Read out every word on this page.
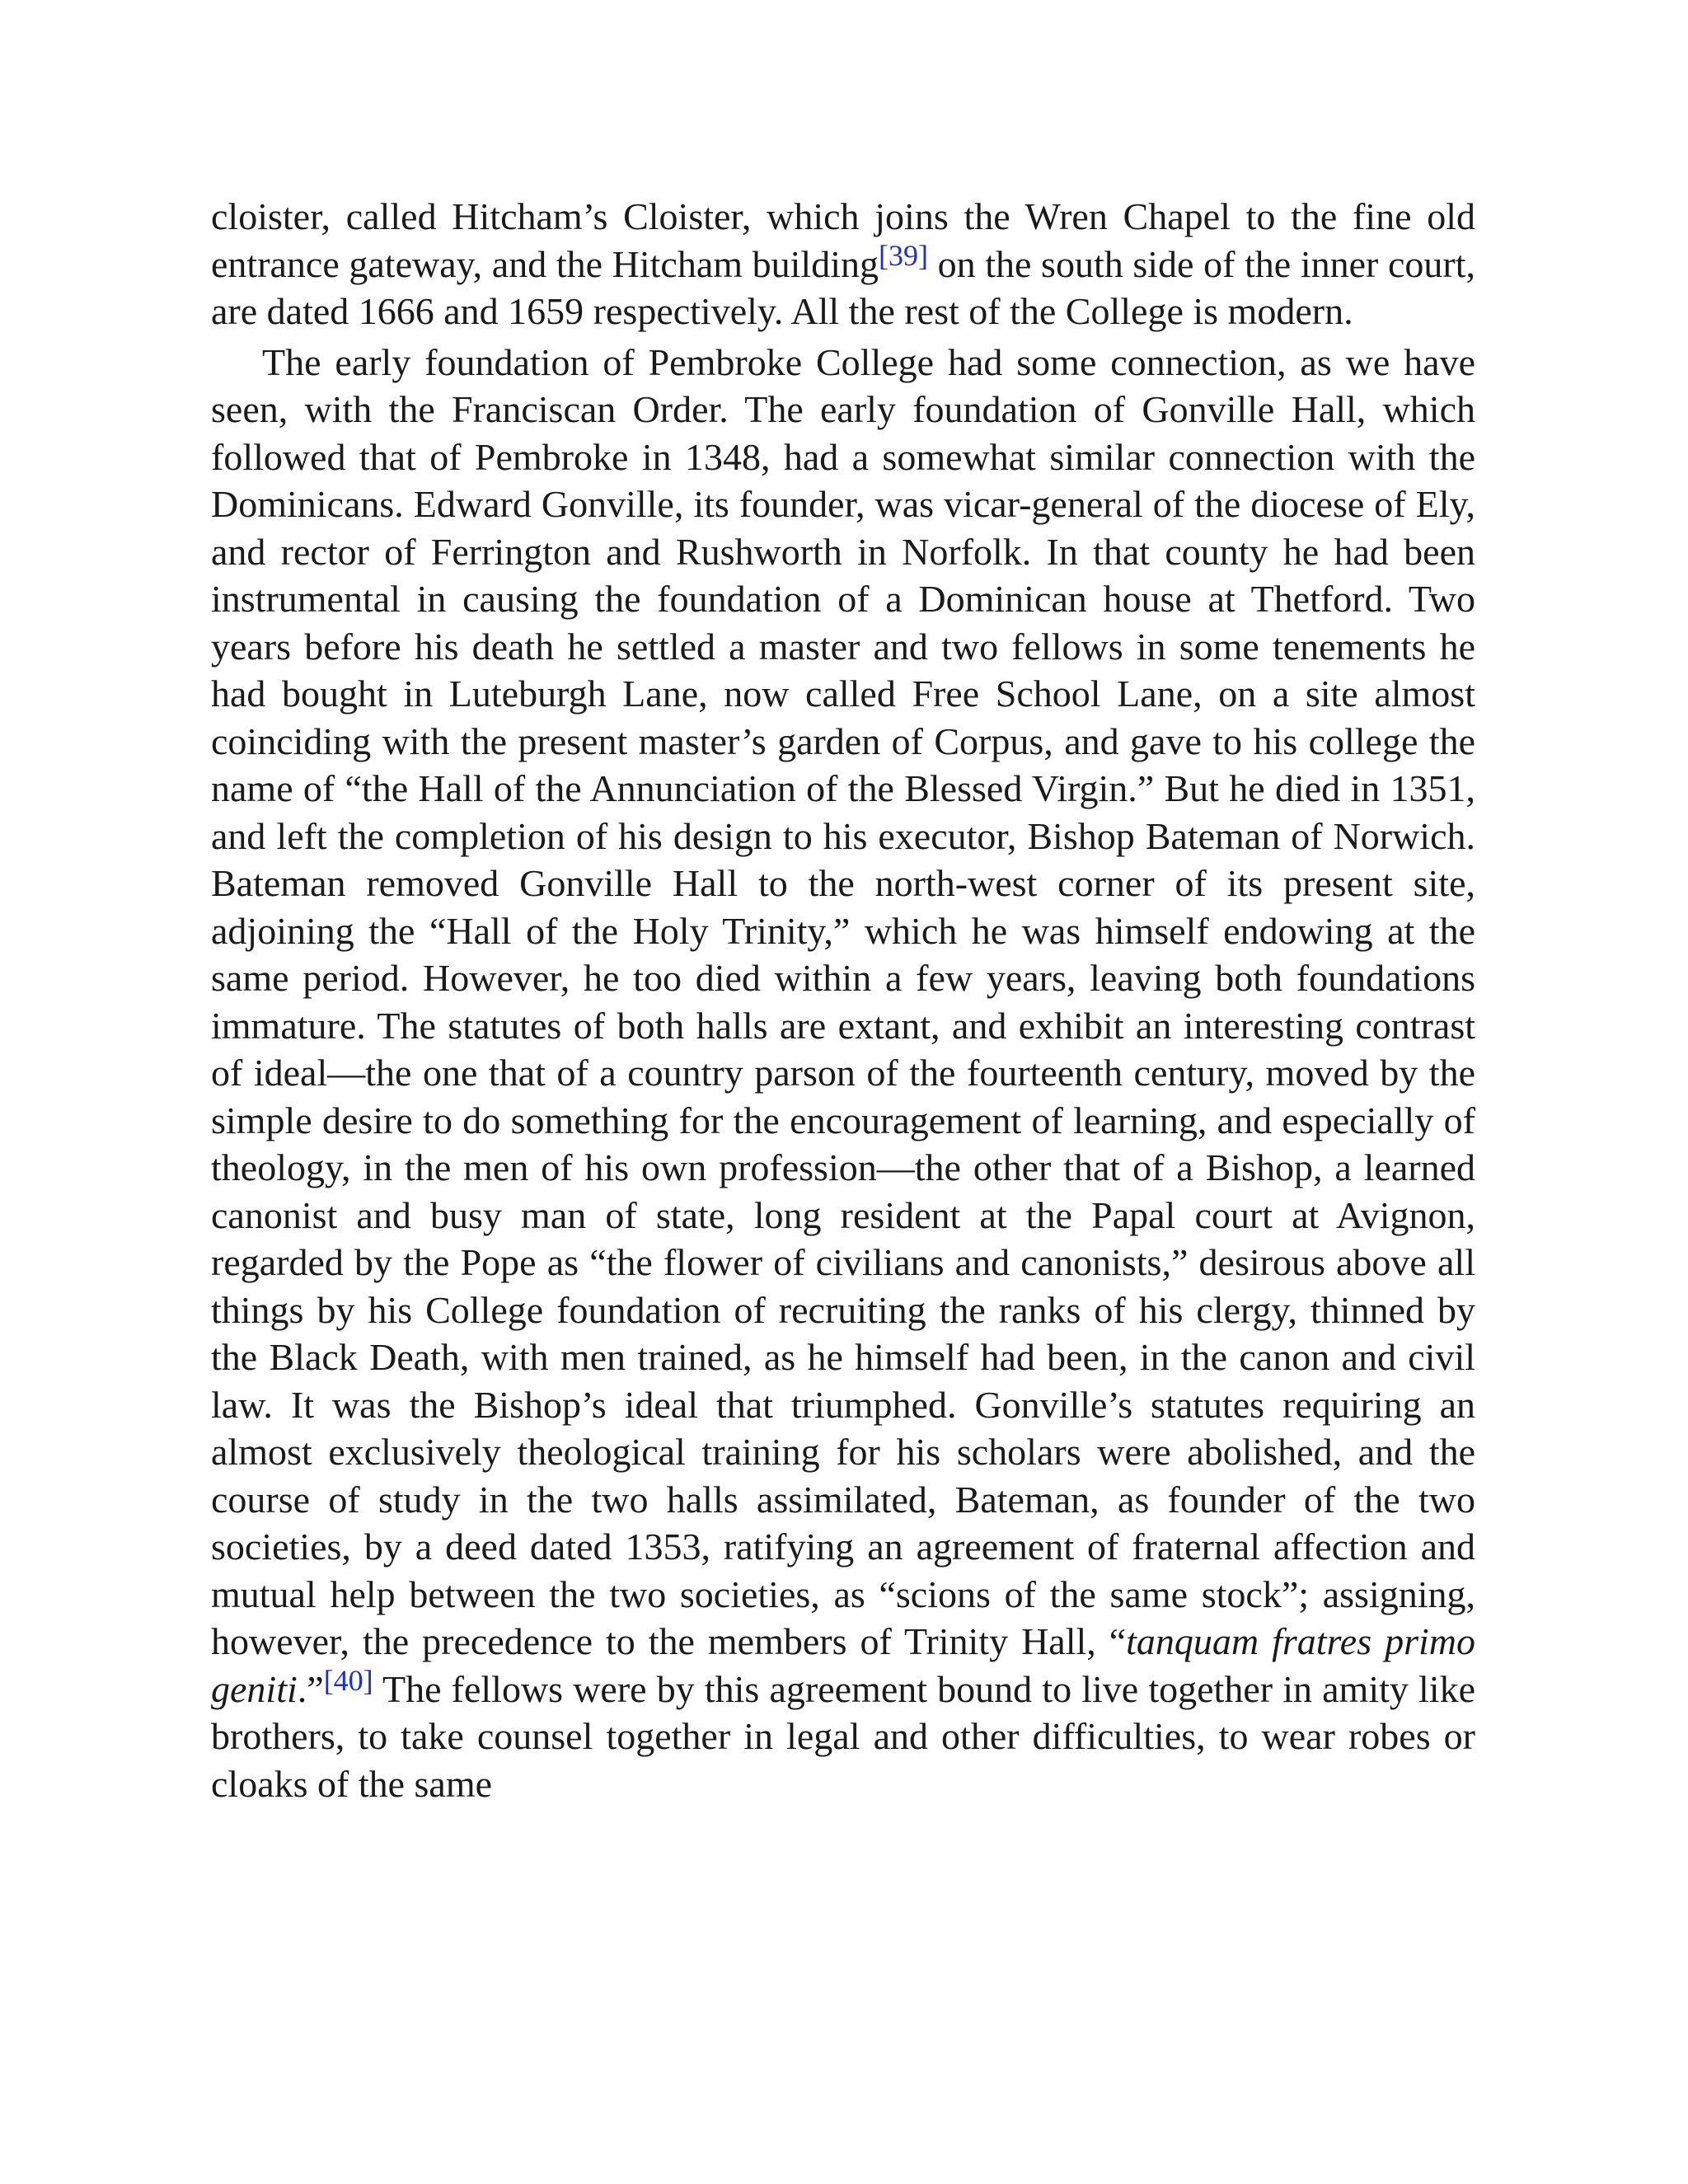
cloister, called Hitcham’s Cloister, which joins the Wren Chapel to the fine old entrance gateway, and the Hitcham building[39] on the south side of the inner court, are dated 1666 and 1659 respectively. All the rest of the College is modern.

The early foundation of Pembroke College had some connection, as we have seen, with the Franciscan Order. The early foundation of Gonville Hall, which followed that of Pembroke in 1348, had a somewhat similar connection with the Dominicans. Edward Gonville, its founder, was vicar-general of the diocese of Ely, and rector of Ferrington and Rushworth in Norfolk. In that county he had been instrumental in causing the foundation of a Dominican house at Thetford. Two years before his death he settled a master and two fellows in some tenements he had bought in Luteburgh Lane, now called Free School Lane, on a site almost coinciding with the present master’s garden of Corpus, and gave to his college the name of “the Hall of the Annunciation of the Blessed Virgin.” But he died in 1351, and left the completion of his design to his executor, Bishop Bateman of Norwich. Bateman removed Gonville Hall to the north-west corner of its present site, adjoining the “Hall of the Holy Trinity,” which he was himself endowing at the same period. However, he too died within a few years, leaving both foundations immature. The statutes of both halls are extant, and exhibit an interesting contrast of ideal—the one that of a country parson of the fourteenth century, moved by the simple desire to do something for the encouragement of learning, and especially of theology, in the men of his own profession—the other that of a Bishop, a learned canonist and busy man of state, long resident at the Papal court at Avignon, regarded by the Pope as “the flower of civilians and canonists,” desirous above all things by his College foundation of recruiting the ranks of his clergy, thinned by the Black Death, with men trained, as he himself had been, in the canon and civil law. It was the Bishop’s ideal that triumphed. Gonville’s statutes requiring an almost exclusively theological training for his scholars were abolished, and the course of study in the two halls assimilated, Bateman, as founder of the two societies, by a deed dated 1353, ratifying an agreement of fraternal affection and mutual help between the two societies, as “scions of the same stock”; assigning, however, the precedence to the members of Trinity Hall, “tanquam fratres primo geniti.”[40] The fellows were by this agreement bound to live together in amity like brothers, to take counsel together in legal and other difficulties, to wear robes or cloaks of the same
